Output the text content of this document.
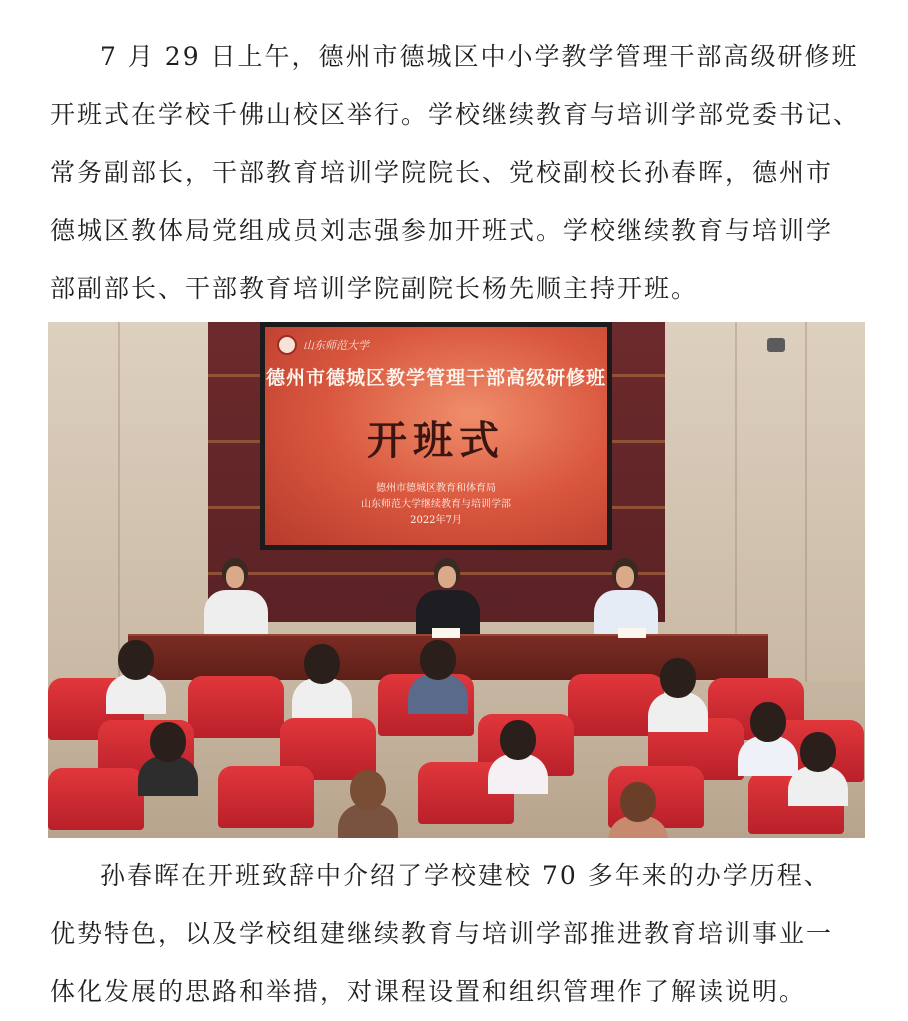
7 月 29 日上午，德州市德城区中小学教学管理干部高级研修班
开班式在学校千佛山校区举行。学校继续教育与培训学部党委书记、
常务副部长，干部教育培训学院院长、党校副校长孙春晖，德州市
德城区教体局党组成员刘志强参加开班式。学校继续教育与培训学
部副部长、干部教育培训学院副院长杨先顺主持开班。
山东师范大学
德州市德城区教学管理干部高级研修班
开班式
德州市德城区教育和体育局
山东师范大学继续教育与培训学部
2022年7月
孙春晖在开班致辞中介绍了学校建校 70 多年来的办学历程、
优势特色，以及学校组建继续教育与培训学部推进教育培训事业一
体化发展的思路和举措，对课程设置和组织管理作了解读说明。
